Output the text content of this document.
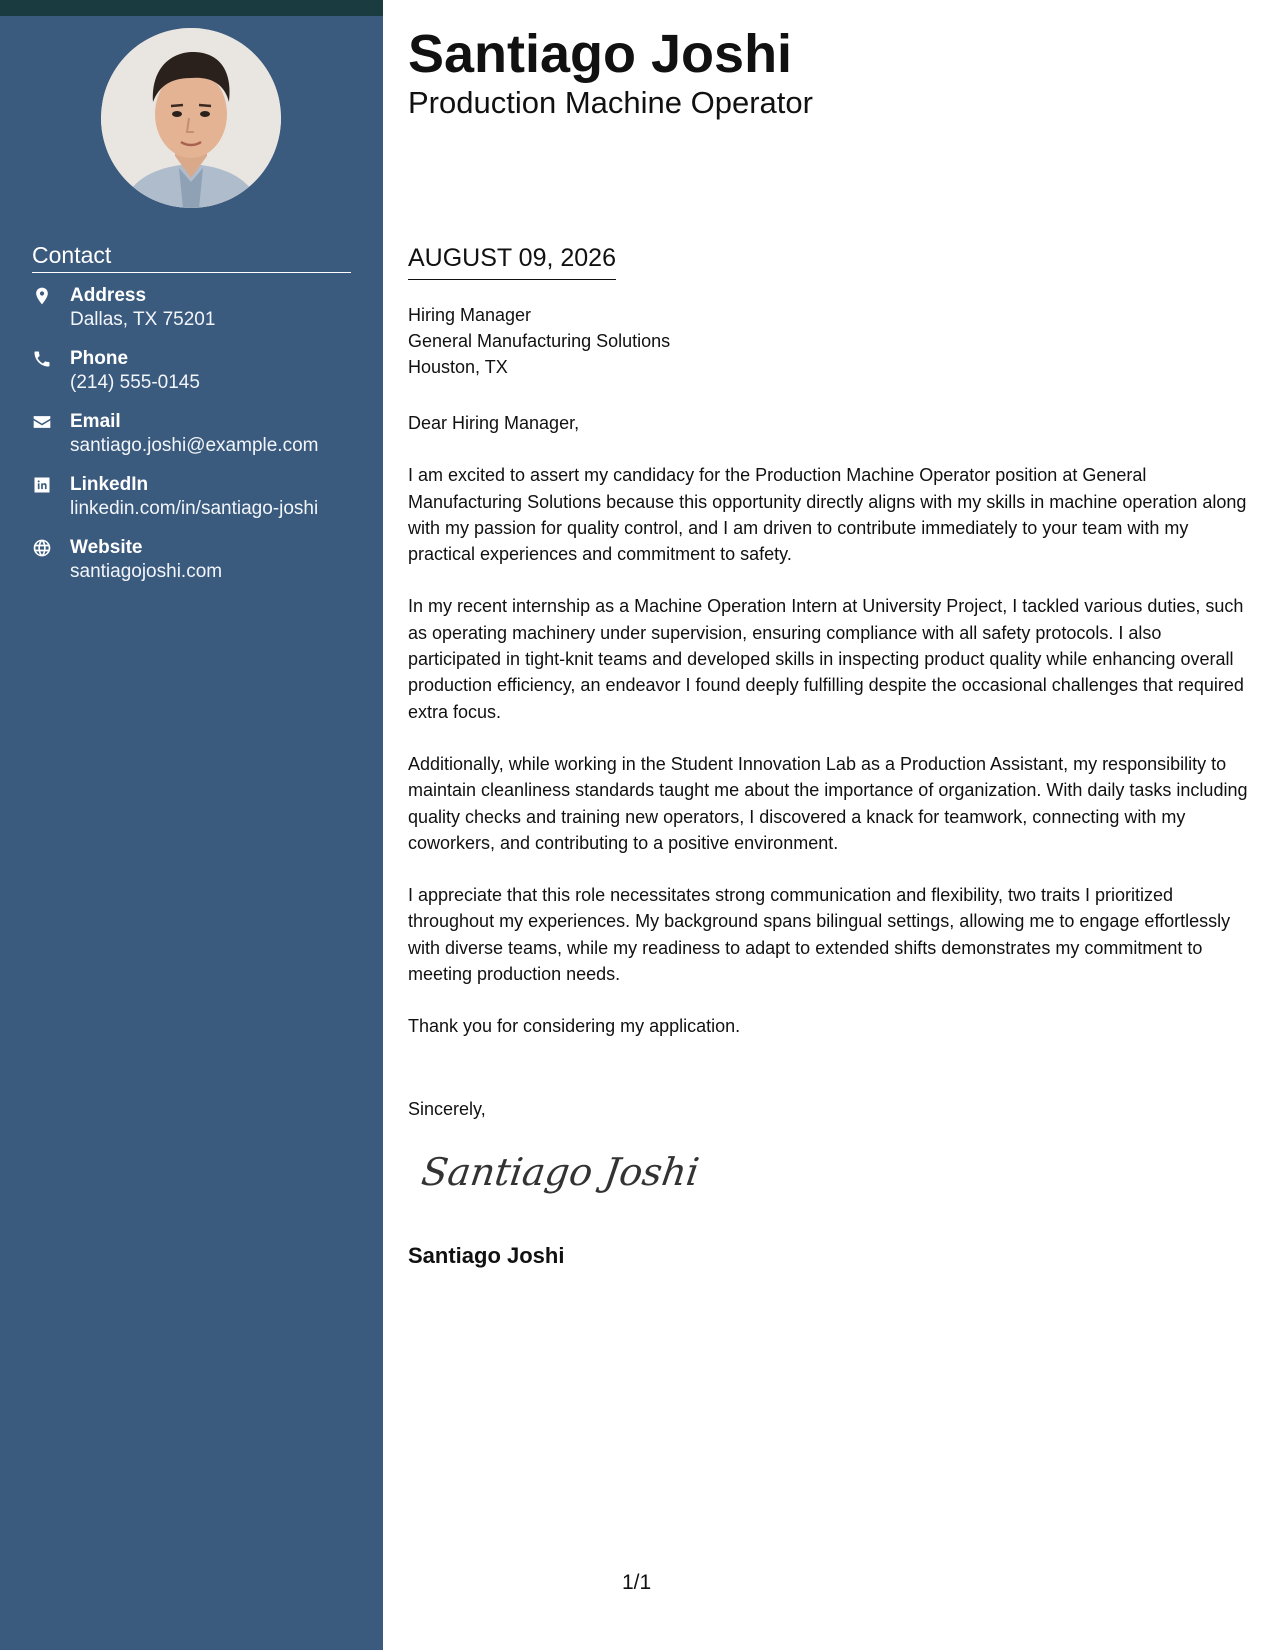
Contact
Address
Dallas, TX 75201
Phone
(214) 555-0145
Email
santiago.joshi@example.com
LinkedIn
linkedin.com/in/santiago-joshi
Website
santiagojoshi.com
Santiago Joshi
Production Machine Operator
AUGUST 09, 2026
Hiring Manager
General Manufacturing Solutions
Houston, TX

Dear Hiring Manager,

I am excited to assert my candidacy for the Production Machine Operator position at General Manufacturing Solutions because this opportunity directly aligns with my skills in machine operation along with my passion for quality control, and I am driven to contribute immediately to your team with my practical experiences and commitment to safety.

In my recent internship as a Machine Operation Intern at University Project, I tackled various duties, such as operating machinery under supervision, ensuring compliance with all safety protocols. I also participated in tight-knit teams and developed skills in inspecting product quality while enhancing overall production efficiency, an endeavor I found deeply fulfilling despite the occasional challenges that required extra focus.

Additionally, while working in the Student Innovation Lab as a Production Assistant, my responsibility to maintain cleanliness standards taught me about the importance of organization. With daily tasks including quality checks and training new operators, I discovered a knack for teamwork, connecting with my coworkers, and contributing to a positive environment.

I appreciate that this role necessitates strong communication and flexibility, two traits I prioritized throughout my experiences. My background spans bilingual settings, allowing me to engage effortlessly with diverse teams, while my readiness to adapt to extended shifts demonstrates my commitment to meeting production needs.

Thank you for considering my application.

Sincerely,
Santiago Joshi
Santiago Joshi
1/1
